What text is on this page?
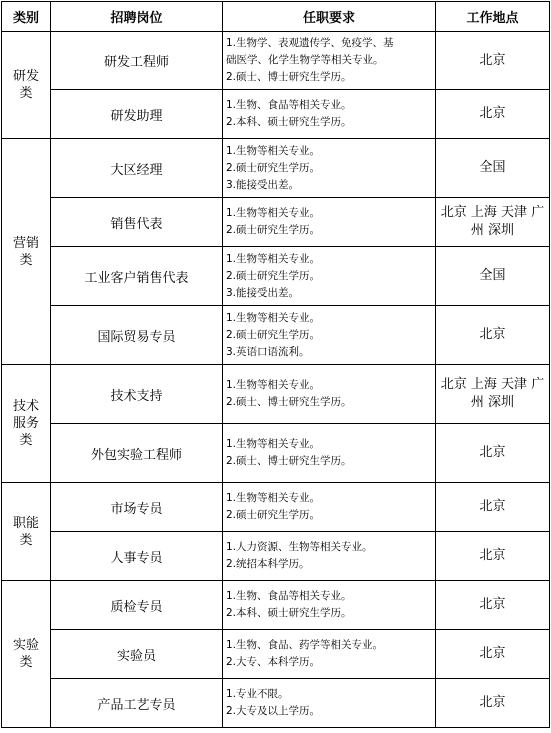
类别	招聘岗位	任职要求	工作地点
研发类	研发工程师	1.生物学、表观遗传学、免疫学、基
础医学、化学生物学等相关专业。
2.硕士、博士研究生学历。	北京
	研发助理	1.生物、食品等相关专业。
2.本科、硕士研究生学历。	北京
营销类	大区经理	1.生物等相关专业。
2.硕士研究生学历。
3.能接受出差。	全国
	销售代表	1.生物等相关专业。
2.硕士研究生学历。	北京 上海 天津 广州 深圳
	工业客户销售代表	1.生物等相关专业。
2.硕士研究生学历。
3.能接受出差。	全国
	国际贸易专员	1.生物等相关专业。
2.硕士研究生学历。
3.英语口语流利。	北京
技术服务类	技术支持	1.生物等相关专业。
2.硕士、博士研究生学历。	北京 上海 天津 广州 深圳
	外包实验工程师	1.生物等相关专业。
2.硕士、博士研究生学历。	北京
职能类	市场专员	1.生物等相关专业。
2.硕士研究生学历。	北京
	人事专员	1.人力资源、生物等相关专业。
2.统招本科学历。	北京
实验类	质检专员	1.生物、食品等相关专业。
2.本科、硕士研究生学历。	北京
	实验员	1.生物、食品、药学等相关专业。
2.大专、本科学历。	北京
	产品工艺专员	1.专业不限。
2.大专及以上学历。	北京
